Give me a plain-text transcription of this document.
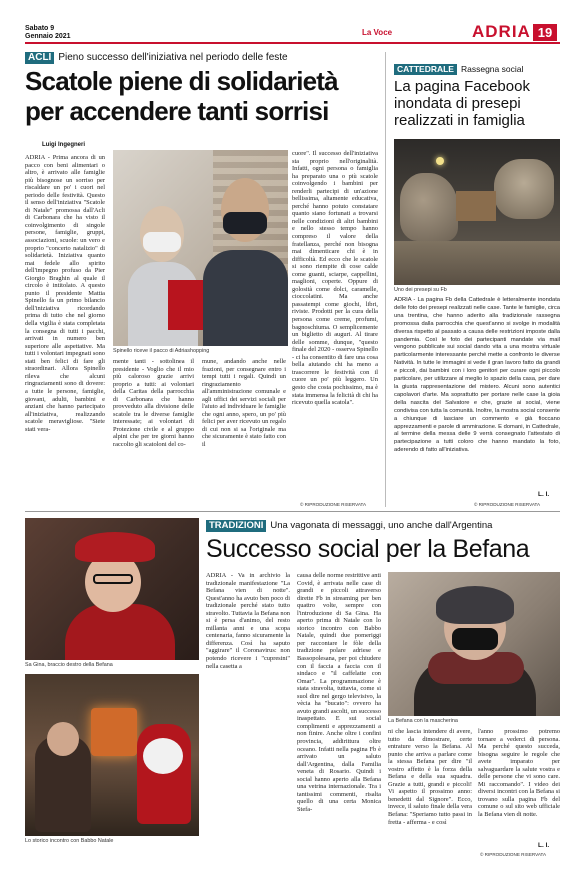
Sabato 9
Gennaio 2021	La Voce	ADRIA 19
ACLI Pieno successo dell'iniziativa nel periodo delle feste
Scatole piene di solidarietà
per accendere tanti sorrisi
Luigi Ingegneri
ADRIA - Prima ancora di un pacco con beni alimentari o altro, è arrivato alle famiglie più bisognose un sorriso per riscaldare un po' i cuori nel periodo delle festività. Questo il senso dell'iniziativa "Scatole di Natale" promossa dall'Acli di Carbonara che ha visto il coinvolgimento di singole persone, famiglie, gruppi, associazioni, scuole: un vero e proprio "concerto natalizio" di solidarietà. Iniziativa quanto mai fedele allo spirito dell'impegno profuso da Pier Giorgio Braghin al quale il circolo è intitolato. A questo punto il presidente Mattia Spinello fa un primo bilancio dell'iniziativa ricordando prima di tutto che nel giorno della vigilia è stata completata la consegna di tutti i pacchi, arrivati in numero ben superiore alle aspettative. Ma tutti i volontari impegnati sono stati ben felici di fare gli straordinari. Allora Spinello rileva che alcuni ringraziamenti sono di dovere: a tutte le persone, famiglie, giovani, adulti, bambini e anziani che hanno partecipato all'iniziativa, realizzando scatole meravigliose. "Siete stati vera-
Spinello riceve il pacco di Adriashopping
mente tanti - sottolinea il presidente - Voglio che il mio più caloroso grazie arrivi proprio a tutti: ai volontari della Caritas della parrocchia di Carbonara che hanno provveduto alla divisione delle scatole tra le diverse famiglie interessate; ai volontari di Protezione civile e al gruppo alpini che per tre giorni hanno raccolto gli scatoloni del co-
mune, andando anche nelle frazioni, per consegnare entro i tempi tutti i regali. Quindi un ringraziamento all'amministrazione comunale e agli uffici dei servizi sociali per l'aiuto ad individuare le famiglie che ogni anno, spero, un po' più felici per aver ricevuto un regalo di cui non si sa l'originale ma che sicuramente è stato fatto con il
cuore". Il successo dell'iniziativa sta proprio nell'originalità. Infatti, ogni persona o famiglia ha preparato una o più scatole coinvolgendo i bambini per renderli partecipi di un'azione bellissima, altamente educativa, perché hanno potuto constatare quanto siano fortunati a trovarsi nelle condizioni di altri bambini e nello stesso tempo hanno compreso il valore della fratellanza, perché non bisogna mai dimenticare chi è in difficoltà. Ed ecco che le scatole si sono riempite di cose calde come guanti, sciarpe, cappellini, maglioni, coperte. Oppure di golosità come dolci, caramelle, cioccolatini. Ma anche passatempi come giochi, libri, riviste. Prodotti per la cura della persona come creme, profumi, bagnoschiuma. O semplicemente un biglietto di auguri. Al tirare delle somme, dunque, "questo finale del 2020 - osserva Spinello - ci ha consentito di fare una cosa bella aiutando chi ha meno a trascorrere le festività con il cuore un po' più leggero. Un gesto che costa pochissimo, ma è stata immensa la felicità di chi ha ricevuto quella scatola".
© RIPRODUZIONE RISERVATA
CATTEDRALE Rassegna social
La pagina Facebook
inondata di presepi
realizzati in famiglia
Uno dei presepi su Fb
ADRIA - La pagina Fb della Cattedrale è letteralmente inondata delle foto dei presepi realizzati nelle case. Tante le famiglie, circa una trentina, che hanno aderito alla tradizionale rassegna promossa dalla parrocchia che quest'anno si svolge in modalità diversa rispetto al passato a causa delle restrizioni imposte dalla pandemia. Così le foto dei partecipanti mandate via mail vengono pubblicate sui social dando vita a una mostra virtuale particolarmente interessante perché mette a confronto le diverse Natività. In tutte le immagini si vede il gran lavoro fatto da grandi e piccoli, dai bambini con i loro genitori per curare ogni piccolo particolare, per utilizzare al meglio lo spazio della casa, per dare la giusta rappresentazione del mistero. Alcuni sono autentici capolavori d'arte. Ma soprattutto per portare nelle case la gioia della nascita del Salvatore e che, grazie ai social, viene condivisa con tutta la comunità. Inoltre, la mostra social consente a chiunque di lasciare un commento e già fioccano apprezzamenti e parole di ammirazione. E domani, in Cattedrale, al termine della messa delle 9 verrà consegnato l'attestato di partecipazione a tutti coloro che hanno mandato la foto, aderendo di fatto all'iniziativa.
L. I.
© RIPRODUZIONE RISERVATA
Sa Gina, braccio destro della Befana
Lo storico incontro con Babbo Natale
TRADIZIONI Una vagonata di messaggi, uno anche dall'Argentina
Successo social per la Befana
ADRIA - Va in archivio la tradizionale manifestazione "La Befana vien di notte". Quest'anno ha avuto ben poco di tradizionale perché stato tutto stravolto. Tuttavia la Befana non si è persa d'animo, del resto millanta anni e una scopa centenaria, fanno sicuramente la differenza. Così ha saputo "aggirare" il Coronavirus: non potendo ricevere i "cupresini" nella casetta a
causa delle norme restrittive anti Covid, è arrivata nelle case di grandi e piccoli attraverso dirette Fb in streaming per ben quattro volte, sempre con l'introduzione di Sa Gina. Ha aperto prima di Natale con lo storico incontro con Babbo Natale, quindi due pomeriggi per raccontare le fòle della tradizione polare adriese e Bassopolesana, per poi chiudere con il faccia a faccia con il sindaco e "il caffelatte con Omar". La programmazione è stata stravolta, tuttavia, come si suol dire nel gergo televisivo, la vècia ha "bucato": ovvero ha avuto grandi ascolti, un successo inaspettato. E sui social complimenti e apprezzamenti a non finire. Anche oltre i confini provincia, addirittura oltre oceano. Infatti nella pagina Fb è arrivato un saluto dall'Argentina, dalla Familia veneta di Rosario. Quindi i social hanno aperto alla Befana una vetrina internazionale. Tra i tantissimi commenti, risalta quello di una certa Monica Stefa-
La Befana con la mascherina
ni che lascia intendere di avere, tutto da dimostrare, certe entrature verso la Befana. Al punto che arriva a parlare come la stessa Befana per dire "il vostro affetto è la forza della Befana e della sua squadra. Grazie a tutti, grandi e piccoli! Vi aspetto il prossimo anno: benedetti dal Signore". Ecco, invece, il saluto finale della vera Befana: "Speriamo tutto passi in fretta - afferma - e così
l'anno prossimo potremo tornare a vederci di persona. Ma perché questo succeda, bisogna seguire le regole che avete imparato per salvaguardare la salute vostra e delle persone che vi sono care. Mi raccomando". I video dei diversi incontri con la Befana si trovano sulla pagina Fb del comune o sul sito web ufficiale la Befana vien di notte.
L. I.
© RIPRODUZIONE RISERVATA
